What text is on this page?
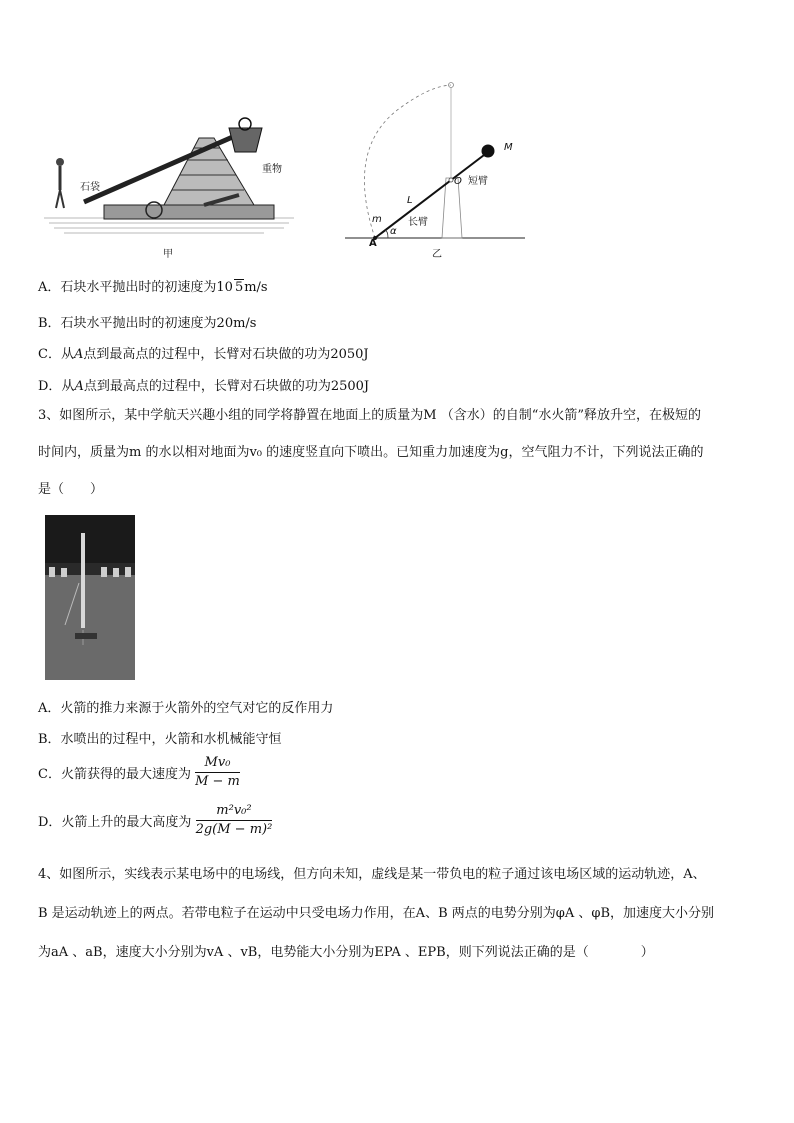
石袋
重物
甲
M
O 短臂
L
长臂
m
α
A
乙
A．石块水平抛出时的初速度为10 5m/s
B．石块水平抛出时的初速度为20m/s
C．从A点到最高点的过程中，长臂对石块做的功为2050J
D．从A点到最高点的过程中，长臂对石块做的功为2500J
3、如图所示，某中学航天兴趣小组的同学将静置在地面上的质量为M （含水）的自制“水火箭”释放升空，在极短的
时间内，质量为m 的水以相对地面为v₀ 的速度竖直向下喷出。已知重力加速度为g，空气阻力不计，下列说法正确的
是（　　）
A．火箭的推力来源于火箭外的空气对它的反作用力
B．水喷出的过程中，火箭和水机械能守恒
C．火箭获得的最大速度为 $\frac{\text{Mv₀}}{M - m}$
D．火箭上升的最大高度为 $\frac{\text{m²v₀²}}{\text{2g(M − m)²}}$
4、如图所示，实线表示某电场中的电场线，但方向未知，虚线是某一带负电的粒子通过该电场区域的运动轨迹，A、
B 是运动轨迹上的两点。若带电粒子在运动中只受电场力作用，在A、B 两点的电势分别为φA 、φB，加速度大小分别
为aA 、aB，速度大小分别为vA 、vB，电势能大小分别为EPA 、EPB，则下列说法正确的是（　　　　）
